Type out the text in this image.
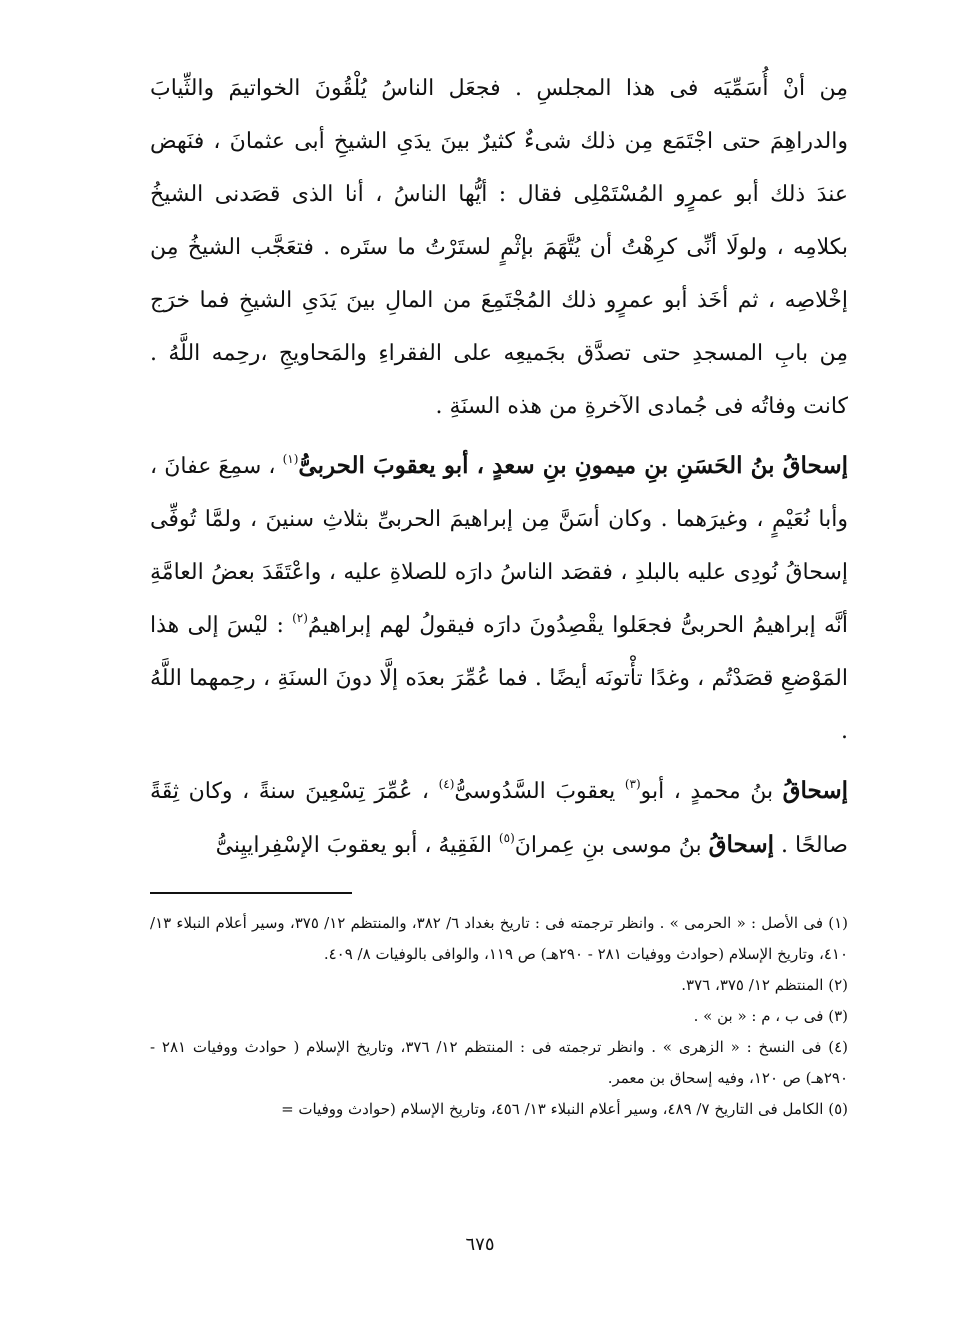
مِن أنْ أُسَمِّيَه فى هذا المجلسِ . فجعَل الناسُ يُلْقُونَ الخواتيمَ والثِّيابَ والدراهِمَ حتى اجْتَمَع مِن ذلك شىءٌ كثيرٌ بينَ يدَىِ الشيخِ أبى عثمانَ ، فنَهض عندَ ذلك أبو عمرٍو المُسْتَمْلِى فقال : أيُّها الناسُ ، أنا الذى قصَدنى الشيخُ بكلامِه ، ولولَا أنِّى كرِهْتُ أن يُتَّهَمَ بإثْمٍ لستَرْتُ ما ستَره . فتعَجَّب الشيخُ مِن إخْلاصِه ، ثم أخَذ أبو عمرٍو ذلك المُجْتَمِعَ من المالِ بينَ يَدَىِ الشيخِ فما خرَج مِن بابِ المسجدِ حتى تصدَّق بجَميعِه على الفقراءِ والمَحاويجِ ،رحِمه اللَّهُ . كانت وفاتُه فى جُمادى الآخرةِ من هذه السنَةِ .

إسحاقُ بنُ الحَسَنِ بنِ ميمونِ بنِ سعدٍ ، أبو يعقوبَ الحربىُّ$^{(١)}$ ، سمِعَ عفانَ ، وأبا نُعَيْمٍ ، وغيرَهما . وكان أسَنَّ مِن إبراهيمَ الحربىِّ بثلاثِ سنينَ ، ولمَّا تُوفِّى إسحاقُ نُودِى عليه بالبلدِ ، فقصَد الناسُ دارَه للصلاةِ عليه ، واعْتَقَدَ بعضُ العامَّةِ أنَّه إبراهيمُ الحربىُّ فجعَلوا يقْصِدُونَ دارَه فيقولُ لهم إبراهيمُ$^{(٢)}$ : ليْسَ إلى هذا المَوْضعِ قصَدْتُم ، وغدًا تأْتونَه أيضًا . فما عُمِّرَ بعدَه إلَّا دونَ السنَةِ ، رحِمهما اللَّهُ .

إسحاقُ بنُ محمدٍ ، أبو$^{(٣)}$ يعقوبَ السَّدُوسىُّ$^{(٤)}$ ، عُمِّرَ تِسْعِينَ سنةً ، وكان ثِقَةً صالحًا . إسحاقُ بنُ موسى بنِ عِمرانَ$^{(٥)}$ الفَقِيهُ ، أبو يعقوبَ الإسْفِراييِنىُّ

(١) فى الأصل : « الحرمى » . وانظر ترجمته فى : تاريخ بغداد ٦/ ٣٨٢، والمنتظم ١٢/ ٣٧٥، وسير أعلام النبلاء ١٣/ ٤١٠، وتاريخ الإسلام (حوادث ووفيات ٢٨١ - ٢٩٠هـ) ص ١١٩، والوافى بالوفيات ٨/ ٤٠٩.

(٢) المنتظم ١٢/ ٣٧٥، ٣٧٦.

(٣) فى ب ، م : « بن » .

(٤) فى النسخ : « الزهرى » . وانظر ترجمته فى : المنتظم ١٢/ ٣٧٦، وتاريخ الإسلام ( حوادث ووفيات ٢٨١ - ٢٩٠هـ) ص ١٢٠، وفيه إسحاق بن معمر.

(٥) الكامل فى التاريخ ٧/ ٤٨٩، وسير أعلام النبلاء ١٣/ ٤٥٦، وتاريخ الإسلام (حوادث ووفيات =

٦٧٥
